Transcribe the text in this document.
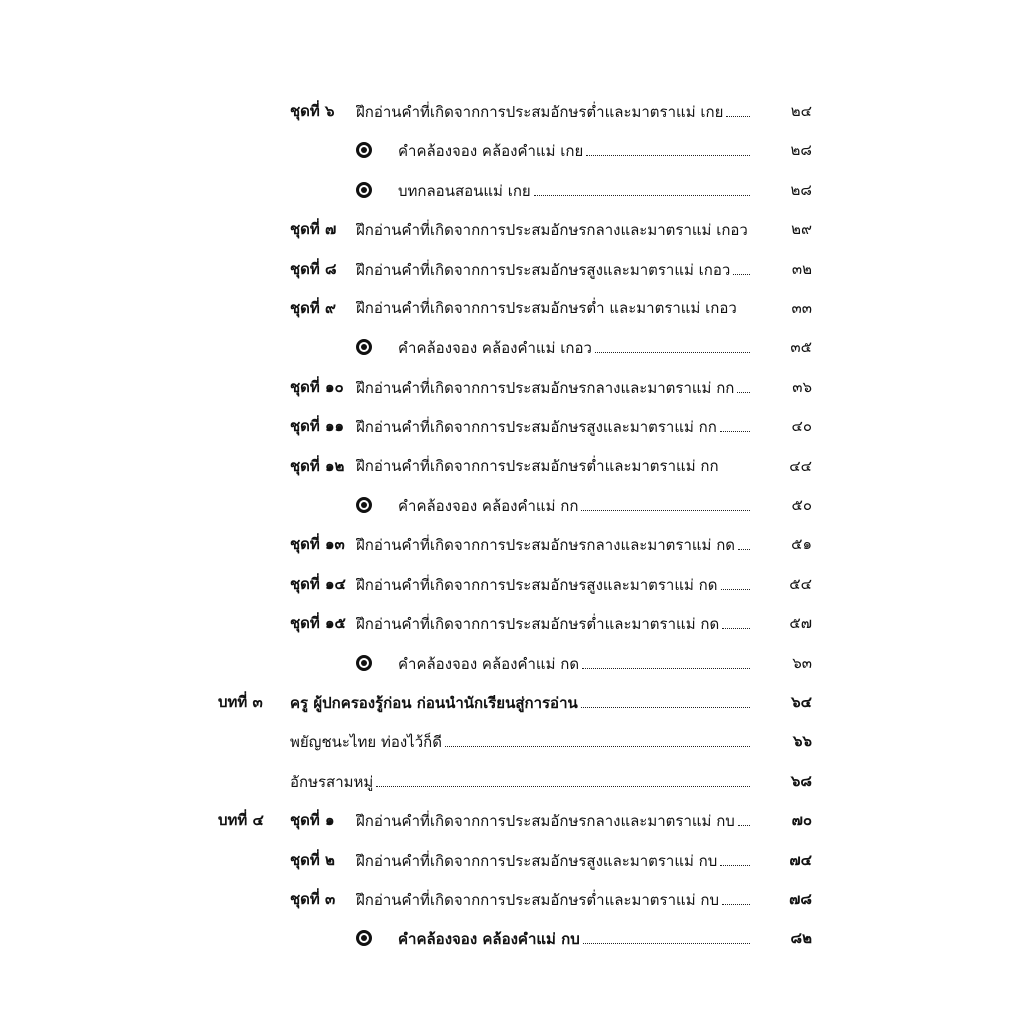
ชุดที่ ๖ ฝึกอ่านคำที่เกิดจากการประสมอักษรต่ำและมาตราแม่ เกย	๒๔
คำคล้องจอง คล้องคำแม่ เกย	๒๘
บทกลอนสอนแม่ เกย	๒๘
ชุดที่ ๗ ฝึกอ่านคำที่เกิดจากการประสมอักษรกลางและมาตราแม่ เกอว	๒๙
ชุดที่ ๘ ฝึกอ่านคำที่เกิดจากการประสมอักษรสูงและมาตราแม่ เกอว	๓๒
ชุดที่ ๙ ฝึกอ่านคำที่เกิดจากการประสมอักษรต่ำ และมาตราแม่ เกอว	๓๓
คำคล้องจอง คล้องคำแม่ เกอว	๓๕
ชุดที่ ๑๐ ฝึกอ่านคำที่เกิดจากการประสมอักษรกลางและมาตราแม่ กก	๓๖
ชุดที่ ๑๑ ฝึกอ่านคำที่เกิดจากการประสมอักษรสูงและมาตราแม่ กก	๔๐
ชุดที่ ๑๒ ฝึกอ่านคำที่เกิดจากการประสมอักษรต่ำและมาตราแม่ กก	๔๔
คำคล้องจอง คล้องคำแม่ กก	๕๐
ชุดที่ ๑๓ ฝึกอ่านคำที่เกิดจากการประสมอักษรกลางและมาตราแม่ กด	๕๑
ชุดที่ ๑๔ ฝึกอ่านคำที่เกิดจากการประสมอักษรสูงและมาตราแม่ กด	๕๔
ชุดที่ ๑๕ ฝึกอ่านคำที่เกิดจากการประสมอักษรต่ำและมาตราแม่ กด	๕๗
คำคล้องจอง คล้องคำแม่ กด	๖๓
บทที่ ๓ ครู ผู้ปกครองรู้ก่อน ก่อนนำนักเรียนสู่การอ่าน	๖๔
พยัญชนะไทย ท่องไว้ก็ดี	๖๖
อักษรสามหมู่	๖๘
บทที่ ๔ ชุดที่ ๑ ฝึกอ่านคำที่เกิดจากการประสมอักษรกลางและมาตราแม่ กบ	๗๐
ชุดที่ ๒ ฝึกอ่านคำที่เกิดจากการประสมอักษรสูงและมาตราแม่ กบ	๗๔
ชุดที่ ๓ ฝึกอ่านคำที่เกิดจากการประสมอักษรต่ำและมาตราแม่ กบ	๗๘
คำคล้องจอง คล้องคำแม่ กบ	๘๒
